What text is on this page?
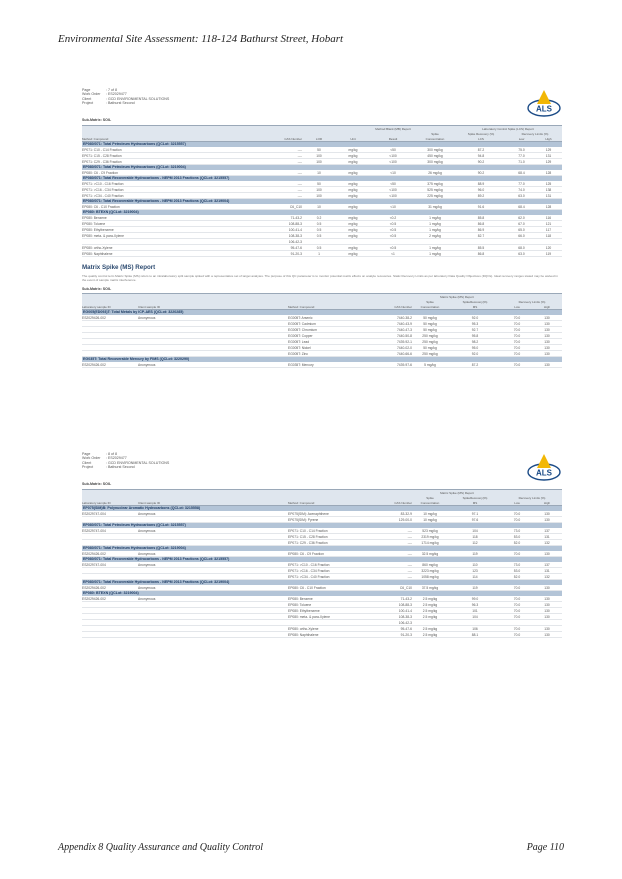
Environmental Site Assessment: 118-124 Bathurst Street, Hobart
Page	: 7 of 8
Work Order	: ES2029477
Client	: GCD ENVIRONMENTAL SOLUTIONS
Project	: Bathurst Second
ALS
Sub-Matrix: SOIL
Method Blank (MB) Report	Laboratory Control Spike (LCS) Report
Spike	Spike Recovery (%)	Recovery Limits (%)
Method: Compound	CAS Number	LOR	Unit	Result	Concentration	LCS	Low	High
EP080/071: Total Petroleum Hydrocarbons (QCLot: 3215557)
EP071: C10 - C14 Fraction	----	50	mg/kg	<50	300 mg/kg	87.2	75.0	129
EP071: C15 - C28 Fraction	----	100	mg/kg	<100	450 mg/kg	94.8	77.0	131
EP071: C29 - C36 Fraction	----	100	mg/kg	<100	300 mg/kg	90.2	71.0	129
EP080/071: Total Petroleum Hydrocarbons (QCLot: 3219004)
EP080: C6 - C9 Fraction	----	10	mg/kg	<10	26 mg/kg	90.2	68.4	128
EP080/071: Total Recoverable Hydrocarbons - NEPM 2013 Fractions (QCLot: 3215557)
EP071: >C10 - C16 Fraction	----	50	mg/kg	<50	375 mg/kg	88.9	77.0	125
EP071: >C16 - C34 Fraction	----	100	mg/kg	<100	525 mg/kg	96.0	74.0	138
EP071: >C34 - C40 Fraction	----	100	mg/kg	<100	225 mg/kg	89.2	63.0	131
EP080/071: Total Recoverable Hydrocarbons - NEPM 2013 Fractions (QCLot: 3219004)
EP080: C6 - C10 Fraction	C6_C10	10	mg/kg	<10	31 mg/kg	91.6	68.4	128
EP080: BTEXN (QCLot: 3219004)
EP080: Benzene	71-43-2	0.2	mg/kg	<0.2	1 mg/kg	85.8	62.0	116
EP080: Toluene	108-88-3	0.5	mg/kg	<0.5	1 mg/kg	86.8	67.0	121
EP080: Ethylbenzene	100-41-4	0.5	mg/kg	<0.5	1 mg/kg	86.9	65.0	117
EP080: meta- & para-Xylene	108-38-3	0.5	mg/kg	<0.5	2 mg/kg	82.7	66.0	118
106-42-3
EP080: ortho-Xylene	95-47-6	0.5	mg/kg	<0.5	1 mg/kg	85.5	68.0	120
EP080: Naphthalene	91-20-3	1	mg/kg	<1	1 mg/kg	86.8	63.0	119
Matrix Spike (MS) Report
The quality control term Matrix Spike (MS) refers to an intralaboratory split sample spiked with a representative set of target analytes. The purpose of this QC parameter is to monitor potential matrix effects on analyte recoveries. Static Recovery Limits as per laboratory Data Quality Objectives (DQOs). Ideal recovery ranges stated may be waived in the event of sample matrix interference.
Sub-Matrix: SOIL
Matrix Spike (MS) Report
Spike	SpikeRecovery(%)	Recovery Limits (%)
Laboratory sample ID	Client sample ID	Method: Compound	CAS Number	Concentration	MS	Low	High
EG005(ED093)T: Total Metals by ICP-AES (QCLot: 3220285)
ES2029426-002	Anonymous	EG005T: Arsenic	7440-38-2	50 mg/kg	92.0	70.0	130
EG005T: Cadmium	7440-43-9	50 mg/kg	95.3	70.0	130
EG005T: Chromium	7440-47-3	50 mg/kg	92.7	70.0	130
EG005T: Copper	7440-50-8	250 mg/kg	95.8	70.0	130
EG005T: Lead	7439-92-1	250 mg/kg	98.2	70.0	130
EG005T: Nickel	7440-02-0	50 mg/kg	95.0	70.0	130
EG005T: Zinc	7440-66-6	250 mg/kg	92.0	70.0	130
EG035T: Total Recoverable Mercury by FIMS (QCLot: 3220290)
ES2029426-002	Anonymous	EG035T: Mercury	7439-97-6	5 mg/kg	87.2	70.0	130
Page	: 8 of 8
Work Order	: ES2029477
Client	: GCD ENVIRONMENTAL SOLUTIONS
Project	: Bathurst Second
ALS
Sub-Matrix: SOIL
Matrix Spike (MS) Report
Spike	SpikeRecovery(%)	Recovery Limits (%)
Laboratory sample ID	Client sample ID	Method: Compound	CAS Number	Concentration	MS	Low	High
EP075(SIM)B: Polynuclear Aromatic Hydrocarbons (QCLot: 3215558)
ES2029747-004	Anonymous	EP075(SIM): Acenaphthene	83-32-9	10 mg/kg	97.1	70.0	130
EP075(SIM): Pyrene	129-00-0	10 mg/kg	97.6	70.0	130
EP080/071: Total Petroleum Hydrocarbons (QCLot: 3215557)
ES2029747-004	Anonymous	EP071: C10 - C14 Fraction	----	523 mg/kg	104	73.0	137
EP071: C15 - C28 Fraction	----	2319 mg/kg	118	53.0	131
EP071: C29 - C36 Fraction	----	1714 mg/kg	112	52.0	132
EP080/071: Total Petroleum Hydrocarbons (QCLot: 3219004)
ES2029426-002	Anonymous	EP080: C6 - C9 Fraction	----	32.5 mg/kg	119	70.0	130
EP080/071: Total Recoverable Hydrocarbons - NEPM 2013 Fractions (QCLot: 3215557)
ES2029747-004	Anonymous	EP071: >C10 - C16 Fraction	----	860 mg/kg	110	73.0	137
EP071: >C16 - C34 Fraction	----	3223 mg/kg	123	53.0	131
EP071: >C34 - C40 Fraction	----	1058 mg/kg	114	52.0	132
EP080/071: Total Recoverable Hydrocarbons - NEPM 2013 Fractions (QCLot: 3219004)
ES2029426-002	Anonymous	EP080: C6 - C10 Fraction	C6_C10	37.5 mg/kg	119	70.0	130
EP080: BTEXN (QCLot: 3219004)
ES2029426-002	Anonymous	EP080: Benzene	71-43-2	2.5 mg/kg	99.0	70.0	130
EP080: Toluene	108-88-3	2.5 mg/kg	96.3	70.0	130
EP080: Ethylbenzene	100-41-4	2.5 mg/kg	101	70.0	130
EP080: meta- & para-Xylene	108-38-3	2.5 mg/kg	104	70.0	130
106-42-3
EP080: ortho-Xylene	95-47-6	2.5 mg/kg	106	70.0	130
EP080: Naphthalene	91-20-3	2.5 mg/kg	88.1	70.0	130
Appendix 8 Quality Assurance and Quality Control	Page 110
